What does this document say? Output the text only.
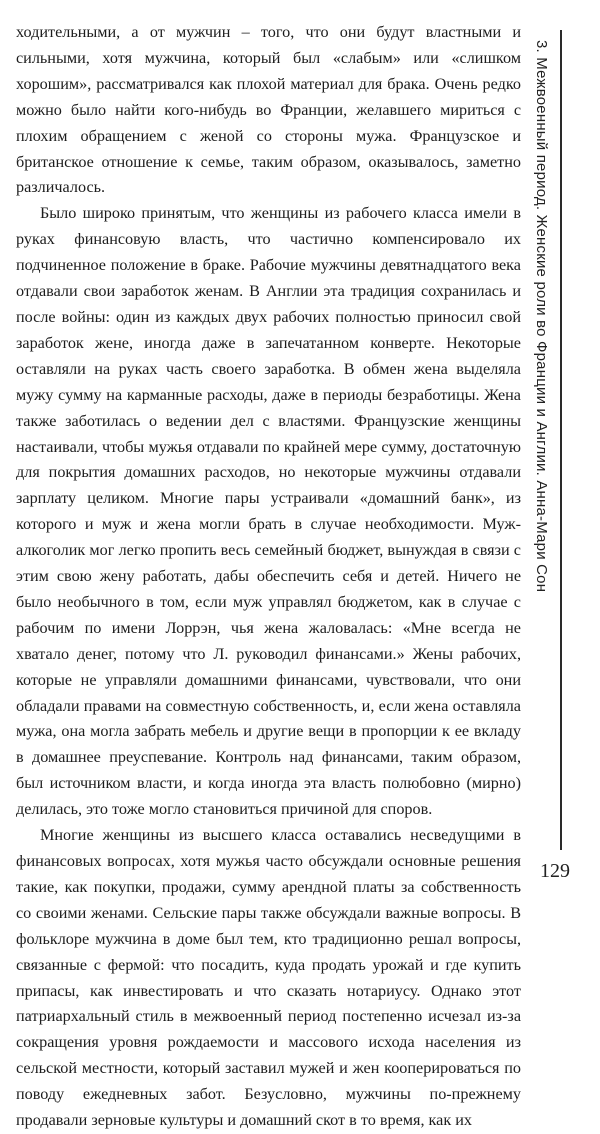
ходительными, а от мужчин – того, что они будут властными и сильными, хотя мужчина, который был «слабым» или «слишком хорошим», рассматривался как плохой материал для брака. Очень редко можно было найти кого-нибудь во Франции, желавшего мириться с плохим обращением с женой со стороны мужа. Французское и британское отношение к семье, таким образом, оказывалось, заметно различалось.

Было широко принятым, что женщины из рабочего класса имели в руках финансовую власть, что частично компенсировало их подчиненное положение в браке. Рабочие мужчины девятнадцатого века отдавали свои заработок женам. В Англии эта традиция сохранилась и после войны: один из каждых двух рабочих полностью приносил свой заработок жене, иногда даже в запечатанном конверте. Некоторые оставляли на руках часть своего заработка. В обмен жена выделяла мужу сумму на карманные расходы, даже в периоды безработицы. Жена также заботилась о ведении дел с властями. Французские женщины настаивали, чтобы мужья отдавали по крайней мере сумму, достаточную для покрытия домашних расходов, но некоторые мужчины отдавали зарплату целиком. Многие пары устраивали «домашний банк», из которого и муж и жена могли брать в случае необходимости. Муж-алкоголик мог легко пропить весь семейный бюджет, вынуждая в связи с этим свою жену работать, дабы обеспечить себя и детей. Ничего не было необычного в том, если муж управлял бюджетом, как в случае с рабочим по имени Лоррэн, чья жена жаловалась: «Мне всегда не хватало денег, потому что Л. руководил финансами.» Жены рабочих, которые не управляли домашними финансами, чувствовали, что они обладали правами на совместную собственность, и, если жена оставляла мужа, она могла забрать мебель и другие вещи в пропорции к ее вкладу в домашнее преуспевание. Контроль над финансами, таким образом, был источником власти, и когда иногда эта власть полюбовно (мирно) делилась, это тоже могло становиться причиной для споров.

Многие женщины из высшего класса оставались несведущими в финансовых вопросах, хотя мужья часто обсуждали основные решения такие, как покупки, продажи, сумму арендной платы за собственность со своими женами. Сельские пары также обсуждали важные вопросы. В фольклоре мужчина в доме был тем, кто традиционно решал вопросы, связанные с фермой: что посадить, куда продать урожай и где купить припасы, как инвестировать и что сказать нотариусу. Однако этот патриархальный стиль в межвоенный период постепенно исчезал из-за сокращения уровня рождаемости и массового исхода населения из сельской местности, который заставил мужей и жен кооперироваться по поводу ежедневных забот. Безусловно, мужчины по-прежнему продавали зерновые культуры и домашний скот в то время, как их

3. Межвоенный период. Женские роли во Франции и Англии. Анна-Мари Сон
129
